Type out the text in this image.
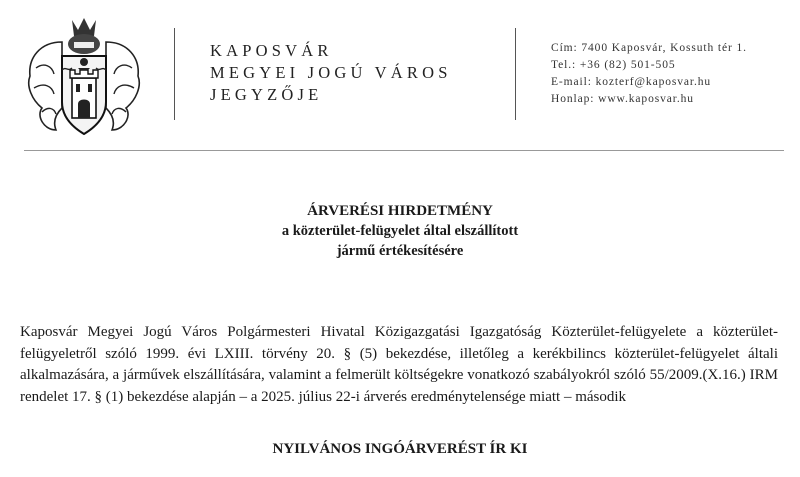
KAPOSVÁR
MEGYEI JOGÚ VÁROS
JEGYZŐJE
Cím: 7400 Kaposvár, Kossuth tér 1.
Tel.: +36 (82) 501-505
E-mail: kozterf@kaposvar.hu
Honlap: www.kaposvar.hu
ÁRVERÉSI HIRDETMÉNY
a közterület-felügyelet által elszállított
jármű értékesítésére
Kaposvár Megyei Jogú Város Polgármesteri Hivatal Közigazgatási Igazgatóság Közterület-felügyelete a közterület-felügyeletről szóló 1999. évi LXIII. törvény 20. § (5) bekezdése, illetőleg a kerékbilincs közterület-felügyelet általi alkalmazására, a járművek elszállítására, valamint a felmerült költségekre vonatkozó szabályokról szóló 55/2009.(X.16.) IRM rendelet 17. § (1) bekezdése alapján – a 2025. július 22-i árverés eredménytelensége miatt – második
NYILVÁNOS INGÓÁRVERÉST ÍR KI
